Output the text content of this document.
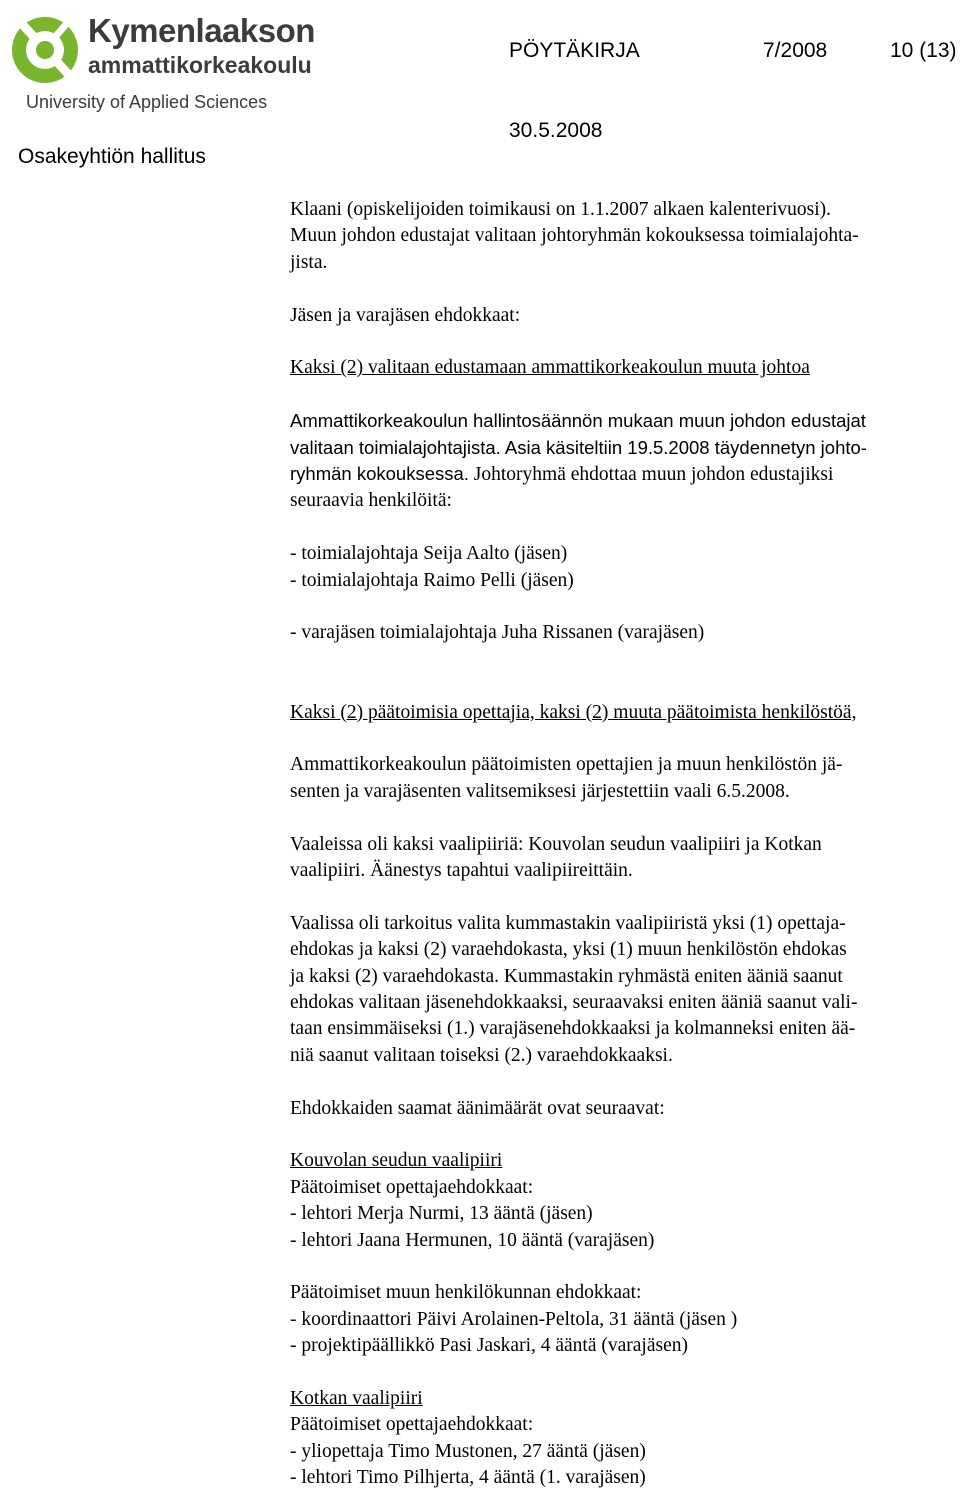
Kymenlaakson
ammattikorkeakoulu
University of Applied Sciences
PÖYTÄKIRJA	7/2008	10 (13)
30.5.2008
Osakeyhtiön hallitus

Klaani (opiskelijoiden toimikausi on 1.1.2007 alkaen kalenterivuosi).

Muun johdon edustajat valitaan johtoryhmän kokouksessa toimialajohta-

jista.

Jäsen ja varajäsen ehdokkaat:

Kaksi (2) valitaan edustamaan ammattikorkeakoulun muuta johtoa

Ammattikorkeakoulun hallintosäännön mukaan muun johdon edustajat

valitaan toimialajohtajista. Asia käsiteltiin 19.5.2008 täydennetyn johto-

ryhmän kokouksessa. Johtoryhmä ehdottaa muun johdon edustajiksi

seuraavia henkilöitä:

- toimialajohtaja Seija Aalto (jäsen)

- toimialajohtaja Raimo Pelli (jäsen)

- varajäsen toimialajohtaja Juha Rissanen (varajäsen)

Kaksi (2) päätoimisia opettajia, kaksi (2) muuta päätoimista henkilöstöä,

Ammattikorkeakoulun päätoimisten opettajien ja muun henkilöstön jä-

senten ja varajäsenten valitsemiksesi järjestettiin vaali 6.5.2008.

Vaaleissa oli kaksi vaalipiiriä: Kouvolan seudun vaalipiiri ja Kotkan

vaalipiiri. Äänestys tapahtui vaalipiireittäin.

Vaalissa oli tarkoitus valita kummastakin vaalipiiristä yksi (1) opettaja-

ehdokas ja kaksi (2) varaehdokasta, yksi (1) muun henkilöstön ehdokas

ja kaksi (2) varaehdokasta. Kummastakin ryhmästä eniten ääniä saanut

ehdokas valitaan jäsenehdokkaaksi, seuraavaksi eniten ääniä saanut vali-

taan ensimmäiseksi (1.) varajäsenehdokkaaksi ja kolmanneksi eniten ää-

niä saanut valitaan toiseksi (2.) varaehdokkaaksi.

Ehdokkaiden saamat äänimäärät ovat seuraavat:

Kouvolan seudun vaalipiiri

Päätoimiset opettajaehdokkaat:

- lehtori Merja Nurmi, 13 ääntä (jäsen)

- lehtori Jaana Hermunen, 10 ääntä (varajäsen)

Päätoimiset muun henkilökunnan ehdokkaat:

- koordinaattori Päivi Arolainen-Peltola, 31 ääntä (jäsen )

- projektipäällikkö Pasi Jaskari, 4 ääntä (varajäsen)

Kotkan vaalipiiri

Päätoimiset opettajaehdokkaat:

- yliopettaja Timo Mustonen, 27 ääntä (jäsen)

- lehtori Timo Pilhjerta, 4 ääntä (1. varajäsen)
